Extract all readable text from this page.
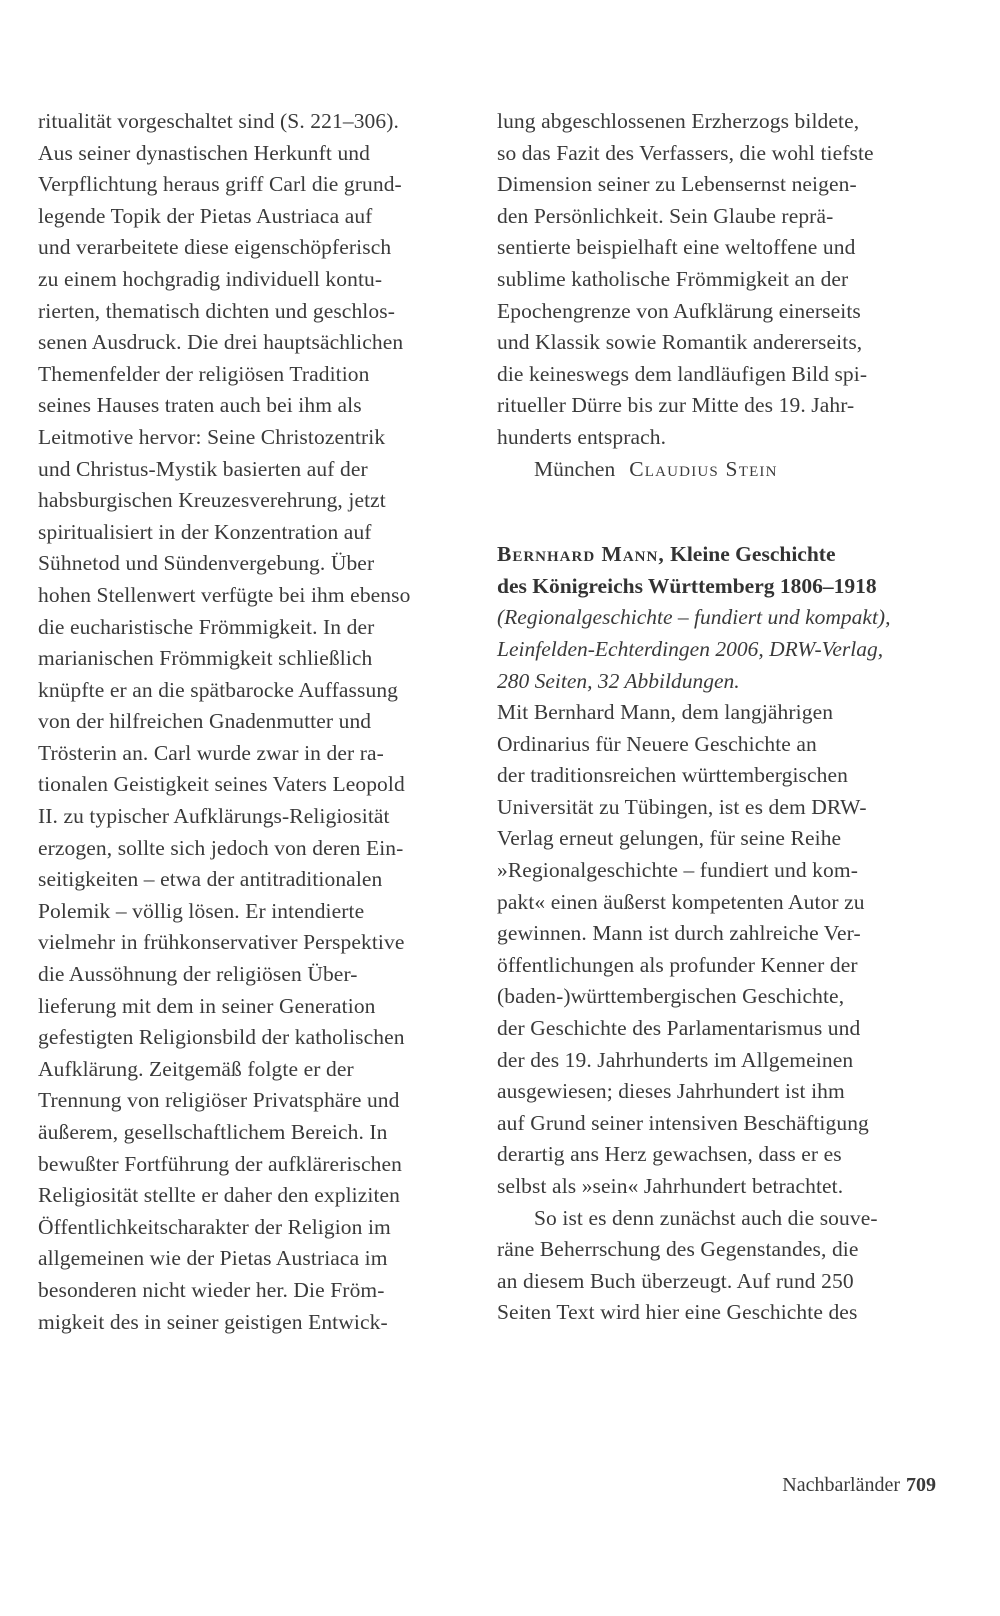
ritualität vorgeschaltet sind (S. 221–306).
Aus seiner dynastischen Herkunft und
Verpflichtung heraus griff Carl die grund-
legende Topik der Pietas Austriaca auf
und verarbeitete diese eigenschöpferisch
zu einem hochgradig individuell kontu-
rierten, thematisch dichten und geschlos-
senen Ausdruck. Die drei hauptsächlichen
Themenfelder der religiösen Tradition
seines Hauses traten auch bei ihm als
Leitmotive hervor: Seine Christozentrik
und Christus-Mystik basierten auf der
habsburgischen Kreuzesverehrung, jetzt
spiritualisiert in der Konzentration auf
Sühnetod und Sündenvergebung. Über
hohen Stellenwert verfügte bei ihm ebenso
die eucharistische Frömmigkeit. In der
marianischen Frömmigkeit schließlich
knüpfte er an die spätbarocke Auffassung
von der hilfreichen Gnadenmutter und
Trösterin an. Carl wurde zwar in der ra-
tionalen Geistigkeit seines Vaters Leopold
II. zu typischer Aufklärungs-Religiosität
erzogen, sollte sich jedoch von deren Ein-
seitigkeiten – etwa der antitraditionalen
Polemik – völlig lösen. Er intendierte
vielmehr in frühkonservativer Perspektive
die Aussöhnung der religiösen Über-
lieferung mit dem in seiner Generation
gefestigten Religionsbild der katholischen
Aufklärung. Zeitgemäß folgte er der
Trennung von religiöser Privatsphäre und
äußerem, gesellschaftlichem Bereich. In
bewußter Fortführung der aufklärerischen
Religiosität stellte er daher den expliziten
Öffentlichkeitscharakter der Religion im
allgemeinen wie der Pietas Austriaca im
besonderen nicht wieder her. Die Fröm-
migkeit des in seiner geistigen Entwick-
lung abgeschlossenen Erzherzogs bildete,
so das Fazit des Verfassers, die wohl tiefste
Dimension seiner zu Lebensernst neigen-
den Persönlichkeit. Sein Glaube reprä-
sentierte beispielhaft eine weltoffene und
sublime katholische Frömmigkeit an der
Epochengrenze von Aufklärung einerseits
und Klassik sowie Romantik andererseits,
die keineswegs dem landläufigen Bild spi-
ritueller Dürre bis zur Mitte des 19. Jahr-
hunderts entsprach.
München Claudius Stein
Bernhard Mann, Kleine Geschichte
des Königreichs Württemberg 1806–1918
(Regionalgeschichte – fundiert und kompakt),
Leinfelden-Echterdingen 2006, DRW-Verlag,
280 Seiten, 32 Abbildungen.
Mit Bernhard Mann, dem langjährigen
Ordinarius für Neuere Geschichte an
der traditionsreichen württembergischen
Universität zu Tübingen, ist es dem DRW-
Verlag erneut gelungen, für seine Reihe
»Regionalgeschichte – fundiert und kom-
pakt« einen äußerst kompetenten Autor zu
gewinnen. Mann ist durch zahlreiche Ver-
öffentlichungen als profunder Kenner der
(baden-)württembergischen Geschichte,
der Geschichte des Parlamentarismus und
der des 19. Jahrhunderts im Allgemeinen
ausgewiesen; dieses Jahrhundert ist ihm
auf Grund seiner intensiven Beschäftigung
derartig ans Herz gewachsen, dass er es
selbst als »sein« Jahrhundert betrachtet.
So ist es denn zunächst auch die souve-
räne Beherrschung des Gegenstandes, die
an diesem Buch überzeugt. Auf rund 250
Seiten Text wird hier eine Geschichte des
Nachbarländer 709
